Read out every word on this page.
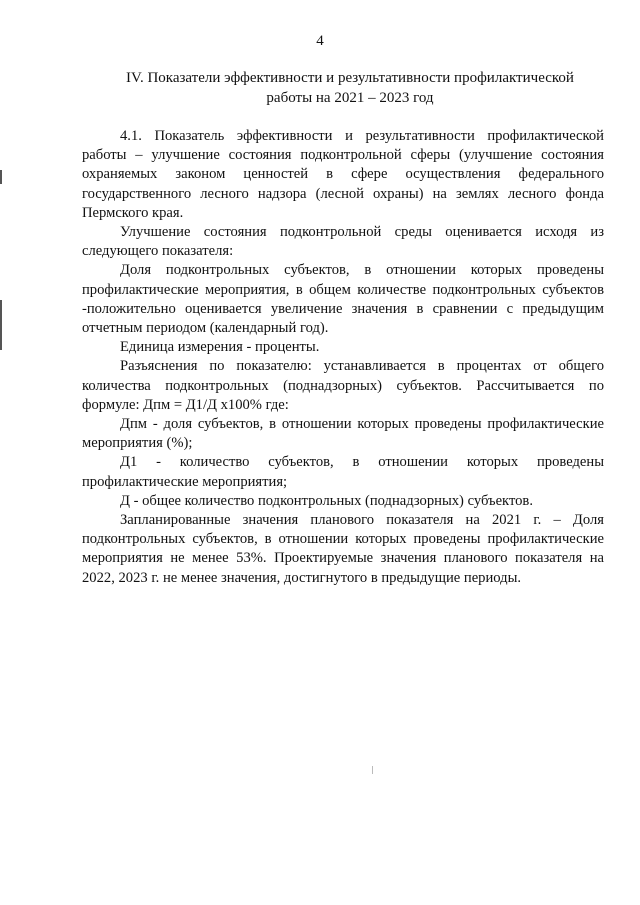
4
IV. Показатели эффективности и результативности профилактической
работы на 2021 – 2023 год

4.1. Показатель эффективности и результативности профилактической работы – улучшение состояния подконтрольной сферы (улучшение состояния охраняемых законом ценностей в сфере осуществления федерального государственного лесного надзора (лесной охраны) на землях лесного фонда Пермского края.

Улучшение состояния подконтрольной среды оценивается исходя из следующего показателя:

Доля подконтрольных субъектов, в отношении которых проведены профилактические мероприятия, в общем количестве подконтрольных субъектов -положительно оценивается увеличение значения в сравнении с предыдущим отчетным периодом (календарный год).

Единица измерения - проценты.

Разъяснения по показателю: устанавливается в процентах от общего количества подконтрольных (поднадзорных) субъектов. Рассчитывается по формуле: Дпм = Д1/Д x100% где:

Дпм - доля субъектов, в отношении которых проведены профилактические мероприятия (%);

Д1 - количество субъектов, в отношении которых проведены профилактические мероприятия;

Д - общее количество подконтрольных (поднадзорных) субъектов.

Запланированные значения планового показателя на 2021 г. – Доля подконтрольных субъектов, в отношении которых проведены профилактические мероприятия не менее 53%. Проектируемые значения планового показателя на 2022, 2023 г. не менее значения, достигнутого в предыдущие периоды.
